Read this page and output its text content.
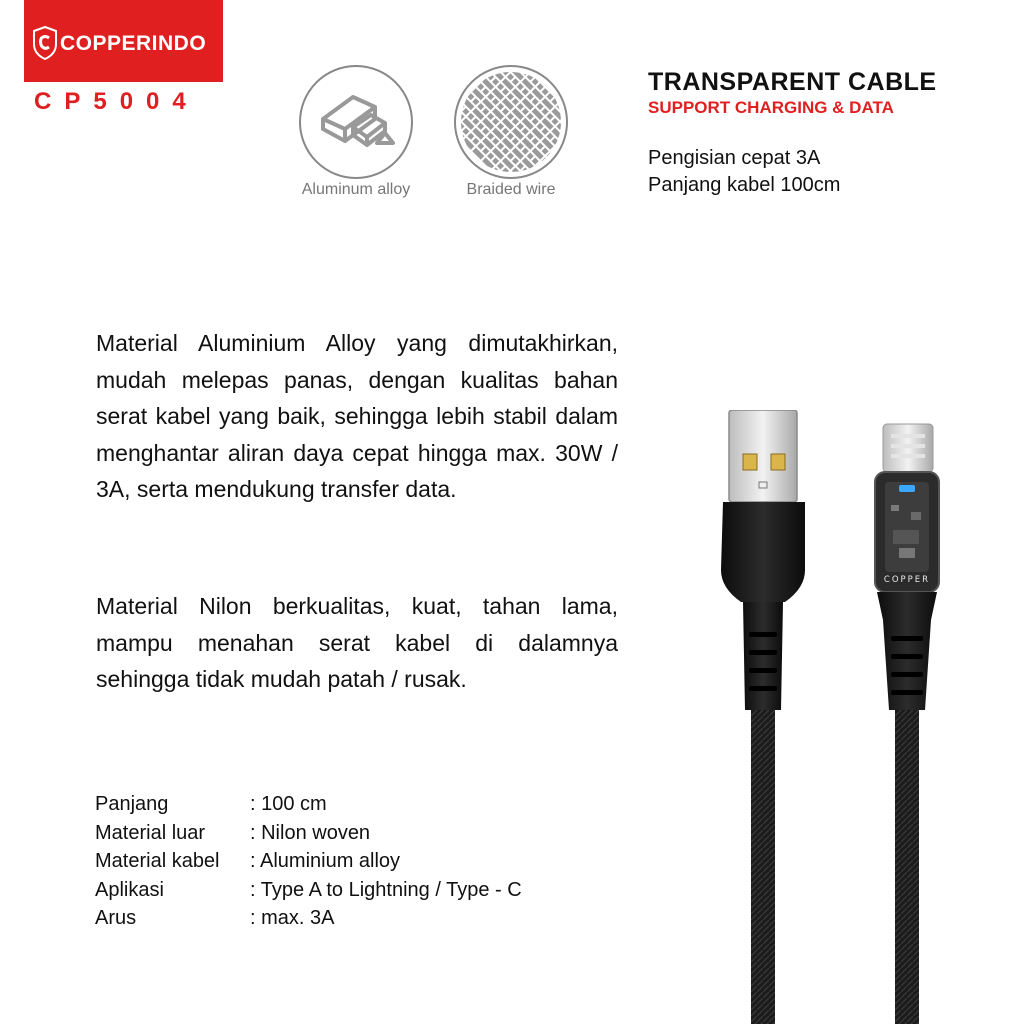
COPPERINDO
CP5004
Aluminum alloy	Braided wire
TRANSPARENT CABLE
SUPPORT CHARGING & DATA
Pengisian cepat 3A
Panjang kabel 100cm
Material Aluminium Alloy yang dimutakhirkan, mudah melepas panas, dengan kualitas bahan serat kabel yang baik, sehingga lebih stabil dalam menghantar aliran daya cepat hingga max. 30W / 3A, serta mendukung transfer data.
Material Nilon berkualitas, kuat, tahan lama, mampu menahan serat kabel di dalamnya sehingga tidak mudah patah / rusak.
Panjang	: 100 cm
Material luar	: Nilon woven
Material kabel	: Aluminium alloy
Aplikasi	: Type A to Lightning / Type - C
Arus	: max. 3A
COPPER
